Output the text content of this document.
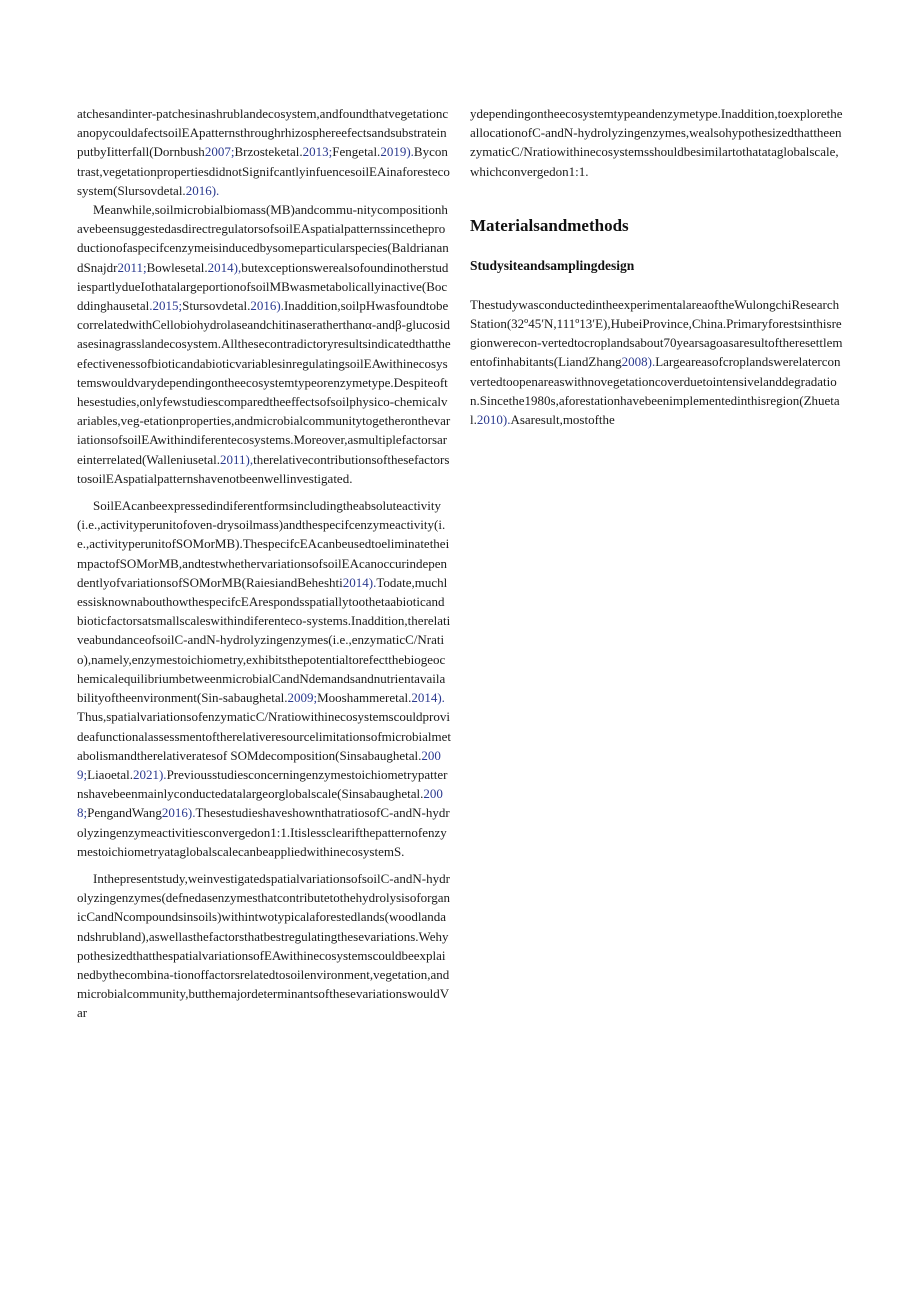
atchesandinter-patchesinashrublandecosystem,andfoundthatvegetationcanopycouldafectsoilEApatternsthroughrhizosphereefectsandsubstrateinputbyIitterfall(Dornbush2007;Brzosteketal.2013;Fengetal.2019).Bycontrast,vegetationpropertiesdidnotSignifcantlyinfuencesoilEAinaforestecosystem(Slursovdetal.2016).

Meanwhile,soilmicrobialbiomass(MB)andcommu-nitycompositionhavebeensuggestedasdirectregulatorsofsoilEAspatialpatternssincetheproductionofaspecifcenzymeisinducedbysomeparticularspecies(BaldrianandSnajdr2011;Bowlesetal.2014),butexceptionswerealsofoundinotherstudiespartlydueIothatalargeportionofsoilMBwasmetabolicallyinactive(Bocddinghausetal.2015;Stursovdetal.2016).Inaddition,soilpHwasfoundtobecorrelatedwithCellobiohydrolaseandchitinaseratherthanα-andβ-glucosidasesinagrasslandecosystem.AllthesecontradictoryresultsindicatedthattheefectivenessofbioticandabioticvariablesinregulatingsoilEAwithinecosystemswouldvarydependingontheecosystemtypeorenzymetype.Despiteofthesestudies,onlyfewstudiescomparedtheeffectsofsoilphysico-chemicalvariables,veg-etationproperties,andmicrobialcommunitytogetheronthevariationsofsoilEAwithindiferentecosystems.Moreover,asmultiplefactorsareinterrelated(Walleniusetal.2011),therelativecontributionsofthesefactorstosoilEAspatialpatternshavenotbeenwellinvestigated.

SoilEAcanbeexpressedindiferentformsincludingtheabsoluteactivity(i.e.,activityperunitofoven-drysoilmass)andthespecifcenzymeactivity(i.e.,activityperunitofSOMorMB).ThespecifcEAcanbeusedtoeliminatetheimpactofSOMorMB,andtestwhethervariationsofsoilEAcanoccurindependentlyofvariationsofSOMorMB(RaiesiandBeheshti2014).Todate,muchlessisknownabouthowthespecifcEArespondsspatiallytoothetaabioticandbioticfactorsatsmallscaleswithindiferenteco-systems.Inaddition,therelativeabundanceofsoilC-andN-hydrolyzingenzymes(i.e.,enzymaticC/Nratio),namely,enzymestoichiometry,exhibitsthepotentialtorefectthebiogeochemicalequilibriumbetweenmicrobialCandNdemandsandnutrientavailabilityoftheenvironment(Sin-sabaughetal.2009;Mooshammeretal.2014).Thus,spatialvariationsofenzymaticC/Nratiowithinecosystemscouldprovideafunctionalassessmentoftherelativeresourcelimitationsofmicrobialmetabolismandtherelativeratesof SOMdecomposition(Sinsabaughetal.2009;Liaoetal.2021).Previousstudiesconcerningenzymestoichiometrypatternshavebeenmainlyconductedatalargeorglobalscale(Sinsabaughetal.2008;PengandWang2016).ThesestudieshaveshownthatratiosofC-andN-hydrolyzingenzymeactivitiesconvergedon1:1.ItislessclearifthepatternofenzymestoichiometryataglobalscalecanbeappliedwithinecosystemS.

Inthepresentstudy,weinvestigatedspatialvariationsofsoilC-andN-hydrolyzingenzymes(defnedasenzymesthatcontributetothehydrolysisoforganicCandNcompoundsinsoils)withintwotypicalaforestedlands(woodlandandshrubland),aswellasthefactorsthatbestregulatingthesevariations.WehypothesizedthatthespatialvariationsofEAwithinecosystemscouldbeexplainedbythecombina-tionoffactorsrelatedtosoilenvironment,vegetation,andmicrobialcommunity,butthemajordeterminantsofthesevariationswouldVar

ydependingontheecosystemtypeandenzymetype.Inaddition,toexploretheallocationofC-andN-hydrolyzingenzymes,wealsohypothesizedthattheenzymaticC/Nratiowithinecosystemsshouldbesimilartothatataglobalscale,whichconvergedon1:1.

Materialsandmethods
Studysiteandsamplingdesign

ThestudywasconductedintheexperimentalareaoftheWulongchiResearchStation(32º45ʹN,111º13ʹE),HubeiProvince,China.Primaryforestsinthisregionwerecon-vertedtocroplandsabout70yearsagoasaresultoftheresettlementofinhabitants(LiandZhang2008).Largeareasofcroplandswerelaterconvertedtoopenareaswithnovegetationcoverduetointensivelanddegradation.Sincethe1980s,aforestationhavebeenimplementedinthisregion(Zhuetal.2010).Asaresult,mostofthe
